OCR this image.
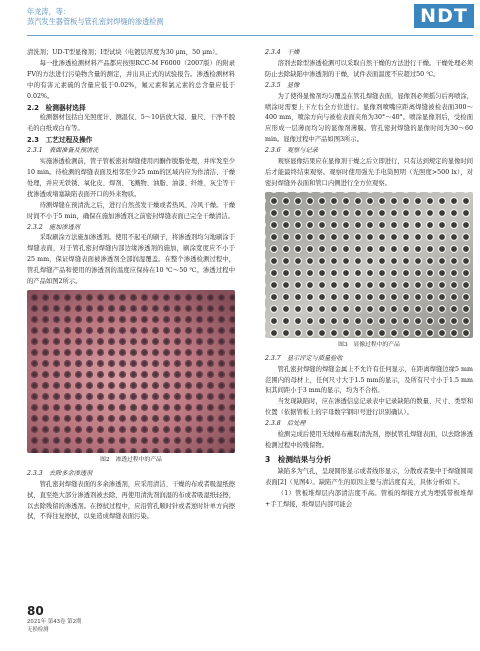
年龙涛，等：
蒸汽发生器管板与管孔密封焊缝的渗透检测	NDT

清洗剂；UD-T型显像剂；I型试块（电镀层厚度为30 μm，50 μm）。

每一批渗透检测材料产品都应按照RCC-M F6000（2007版）的附录FV的方法进行污染物含量的测定，并出具正式的试验报告。渗透检测材料中的有害元素硫的含量应低于0.02%，氟元素和氯元素的总含量应低于0.02%。

2.2　检测器材选择

检测器材包括白光照度计、测温仪、5～10倍放大镜、量尺、干净不脱毛的白纸或白布等。

2.3　工艺过程及操作

2.3.1　表面准备及预清洗

实施渗透检测前，管子管板密封焊缝使用丙酮作脱脂处理，并库发至少10 min。待检测的焊缝表面及相邻至少25 mm的区域内应为作清洁、干燥处理，并应无铁锈、氧化皮、焊剂、飞溅物、油脂、油漆、纤维、灰尘等干扰渗透或堵塞缺陷表面开口的外来物质。

待测焊缝在预清洗之后，进行自然蒸发干燥或者热风、冷风干燥。干燥时间不小于5 min，确保在施加渗透剂之前密封焊缝表面已完全干燥清洁。

2.3.2　施加渗透剂

采取刷涂方法施加渗透剂。使用不起毛的刷子，将渗透剂均匀地刷涂于焊缝表面，对于管孔密封焊缝内部边缘渗透剂的施加，刷涂宽度应不小于25 mm，保证焊缝表面被渗透剂全部润湿覆盖。在整个渗透检测过程中，管孔焊缝产品和使用的渗透剂的温度应保持在10 ℃～50 ℃。渗透过程中的产品如图2所示。

图2　渗透过程中的产品

2.3.3　去除多余渗透剂

管孔密封焊缝表面的多余渗透剂，应采用清洁、干燥的布或者吸湿纸擦拭，直至绝大部分渗透剂被去除，再使用清洗剂润湿的布或者吸湿纸轻擦，以去除残留的渗透剂。在擦拭过程中，应沿管孔顺时针或者逆时针单方向擦拭，不得往复擦拭，以免造成焊缝表面污染。

2.3.4　干燥

溶剂去除型渗透检测可以采取自然干燥的方法进行干燥。干燥处理必须防止去除缺陷中渗透剂的干燥，试件表面温度不应超过50 ℃。

2.3.5　显像

为了使得显像剂均匀覆盖在管孔焊缝表面，显像剂必须摇匀后再喷涂，喷涂时需要上下左右全方位进行。显像剂喷嘴应距离焊缝被检表面300～400 mm，喷涂方向与被检表面夹角为30°～40°。喷涂显像剂后，受检面应形成一层薄而均匀的显像剂薄膜。管孔密封焊缝的显像时间为30～60 min。显像过程中产品如图3所示。

2.3.6　观察与记录

观察显像结果应在显像剂干燥之后立即进行，只有达到规定的显像时间后才能最终结束观察。观察时使用强光手电筒照明（光照度>500 lx），对密封焊缝外表面和管口内侧进行全方位观察。

图3　显像过程中的产品

2.3.7　显示评定与质量验收

管孔密封焊缝的焊缝金属上不允许有任何显示，在距离焊缝边缘5 mm范围内的母材上，任何尺寸大于1.5 mm的显示，及所有尺寸小于1.5 mm但其间距小于3 mm的显示，均为不合格。

当发现缺陷时，应在渗透信息记录表中记录缺陷的数量、尺寸、类型和位置（依据管板上的字母数字钢印号进行识别确认）。

2.3.8　后处理

检测完成后使用无绒棉布蘸取清洗剂，擦拭管孔焊缝表面，以去除渗透检测过程中的残留物。

3　检测结果与分析

缺陷多为气孔，呈现圆形显示或者线形显示，分散或者集中于焊缝圆周表面[2]（见图4）。缺陷产生的原因主要与清洁度有关，具体分析如下。

（1）管板堆焊层内部清洁度不高。管板的焊接方式为埋弧带极堆焊+手工焊接，堆焊层内部可能会

80
2021年 第43卷 第2期
无损检测
